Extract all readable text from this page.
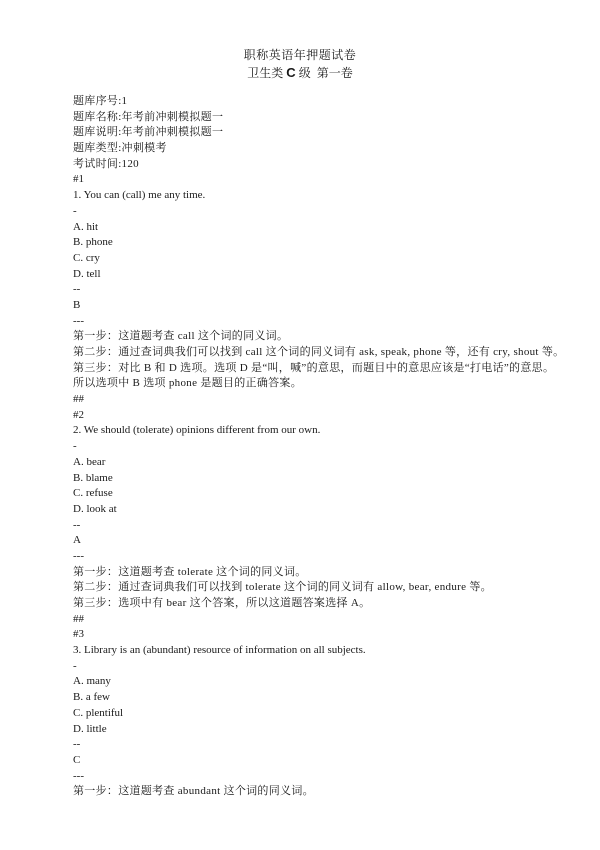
职称英语年押题试卷
卫生类 C 级  第一卷
题库序号:1
题库名称:年考前冲刺模拟题一
题库说明:年考前冲刺模拟题一
题库类型:冲刺模考
考试时间:120
#1
1. You can (call) me any time.
-
A. hit
B. phone
C. cry
D. tell
--
B
---
第一步：这道题考查 call 这个词的同义词。
第二步：通过查词典我们可以找到 call 这个词的同义词有 ask, speak, phone 等，还有 cry, shout 等。
第三步：对比 B 和 D 选项。选项 D 是“叫，喊”的意思，而题目中的意思应该是“打电话”的意思。
所以选项中 B 选项 phone 是题目的正确答案。
##
#2
2. We should (tolerate) opinions different from our own.
-
A. bear
B. blame
C. refuse
D. look at
--
A
---
第一步：这道题考查 tolerate 这个词的同义词。
第二步：通过查词典我们可以找到 tolerate 这个词的同义词有 allow, bear, endure 等。
第三步：选项中有 bear 这个答案，所以这道题答案选择 A。
##
#3
3. Library is an (abundant) resource of information on all subjects.
-
A. many
B. a few
C. plentiful
D. little
--
C
---
第一步：这道题考查 abundant 这个词的同义词。
